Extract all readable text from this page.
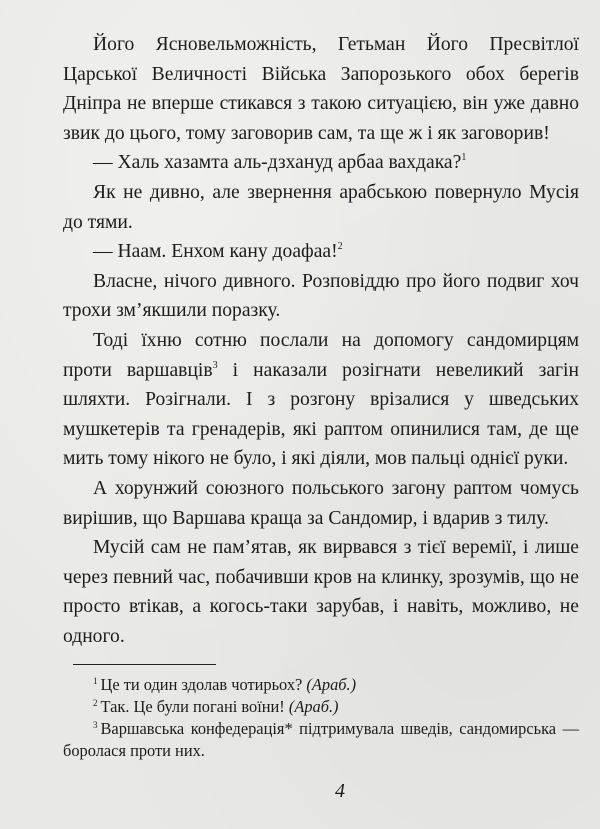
Його Ясновельможність, Гетьман Його Пресвітлої Царської Величності Війська Запорозького обох берегів Дніпра не вперше стикався з такою ситуацією, він уже давно звик до цього, тому заговорив сам, та ще ж і як заговорив!

— Халь хазамта аль-дзхануд арбаа вахдака?$^1$

Як не дивно, але звернення арабською повернуло Мусія до тями.

— Наам. Енхом кану доафаа!$^2$

Власне, нічого дивного. Розповіддю про його подвиг хоч трохи зм’якшили поразку.

Тоді їхню сотню послали на допомогу сандомирцям проти варшавців$^3$ і наказали розігнати невеликий загін шляхти. Розігнали. І з розгону врізалися у шведських мушкетерів та гренадерів, які раптом опинилися там, де ще мить тому нікого не було, і які діяли, мов пальці однієї руки.

А хорунжий союзного польського загону раптом чомусь вирішив, що Варшава краща за Сандомир, і вдарив з тилу.

Мусій сам не пам’ятав, як вирвався з тієї веремії, і лише через певний час, побачивши кров на клинку, зрозумів, що не просто втікав, а когось-таки зарубав, і навіть, можливо, не одного.

$^1$ Це ти один здолав чотирьох? (Араб.)

$^2$ Так. Це були погані воїни! (Араб.)

$^3$ Варшавська конфедерація* підтримувала шведів, сандомирська — боролася проти них.

4
